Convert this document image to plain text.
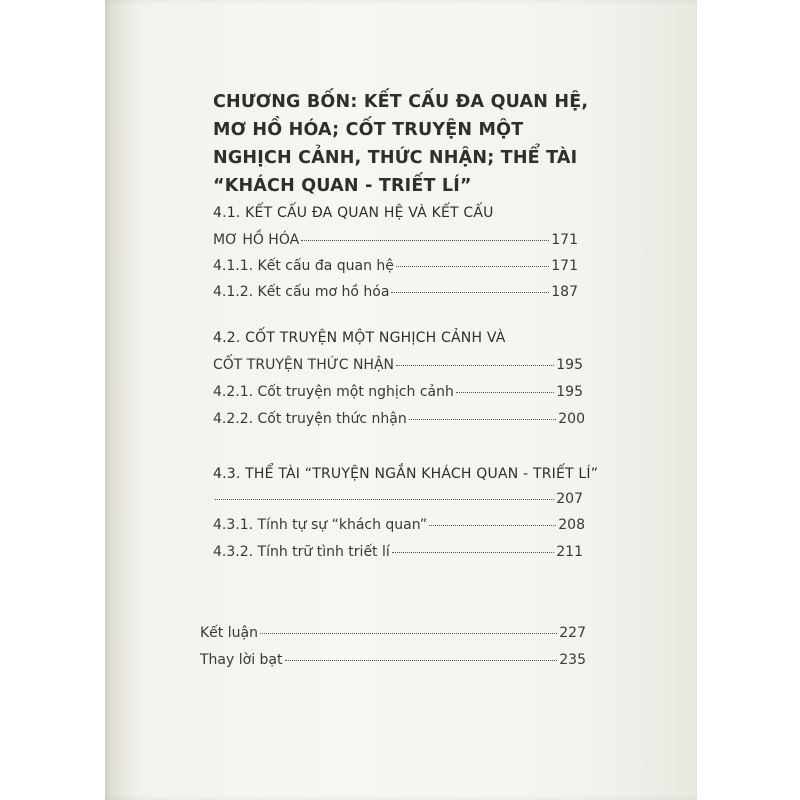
CHƯƠNG BỐN: KẾT CẤU ĐA QUAN HỆ,
MƠ HỒ HÓA; CỐT TRUYỆN MỘT
NGHỊCH CẢNH, THỨC NHẬN; THỂ TÀI
“KHÁCH QUAN - TRIẾT LÍ”
4.1. KẾT CẤU ĐA QUAN HỆ VÀ KẾT CẤU
MƠ HỒ HÓA	171
4.1.1. Kết cấu đa quan hệ	171
4.1.2. Kết cấu mơ hồ hóa	187
4.2. CỐT TRUYỆN MỘT NGHỊCH CẢNH VÀ
CỐT TRUYỆN THỨC NHẬN	195
4.2.1. Cốt truyện một nghịch cảnh	195
4.2.2. Cốt truyện thức nhận	200
4.3. THỂ TÀI “TRUYỆN NGẮN KHÁCH QUAN - TRIẾT LÍ”
207
4.3.1. Tính tự sự “khách quan”	208
4.3.2. Tính trữ tình triết lí	211
Kết luận	227
Thay lời bạt	235
